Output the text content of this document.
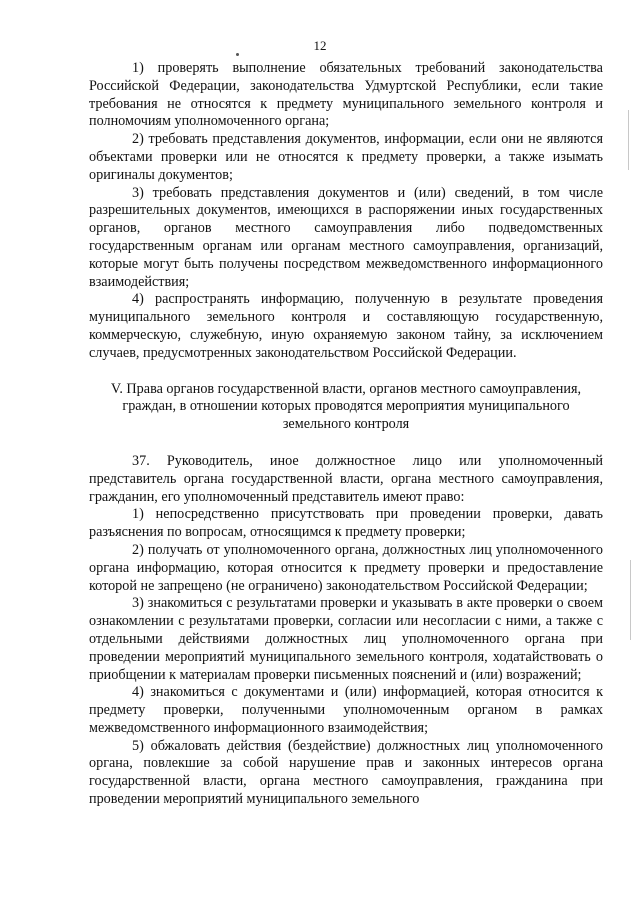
12

1) проверять выполнение обязательных требований законодательства Российской Федерации, законодательства Удмуртской Республики, если такие требования не относятся к предмету муниципального земельного контроля и полномочиям уполномоченного органа;

2) требовать представления документов, информации, если они не являются объектами проверки или не относятся к предмету проверки, а также изымать оригиналы документов;

3) требовать представления документов и (или) сведений, в том числе разрешительных документов, имеющихся в распоряжении иных государственных органов, органов местного самоуправления либо подведомственных государственным органам или органам местного самоуправления, организаций, которые могут быть получены посредством межведомственного информационного взаимодействия;

4) распространять информацию, полученную в результате проведения муниципального земельного контроля и составляющую государственную, коммерческую, служебную, иную охраняемую законом тайну, за исключением случаев, предусмотренных законодательством Российской Федерации.

V. Права органов государственной власти, органов местного самоуправления, граждан, в отношении которых проводятся мероприятия муниципального земельного контроля

37. Руководитель, иное должностное лицо или уполномоченный представитель органа государственной власти, органа местного самоуправления, гражданин, его уполномоченный представитель имеют право:

1) непосредственно присутствовать при проведении проверки, давать разъяснения по вопросам, относящимся к предмету проверки;

2) получать от уполномоченного органа, должностных лиц уполномоченного органа информацию, которая относится к предмету проверки и предоставление которой не запрещено (не ограничено) законодательством Российской Федерации;

3) знакомиться с результатами проверки и указывать в акте проверки о своем ознакомлении с результатами проверки, согласии или несогласии с ними, а также с отдельными действиями должностных лиц уполномоченного органа при проведении мероприятий муниципального земельного контроля, ходатайствовать о приобщении к материалам проверки письменных пояснений и (или) возражений;

4) знакомиться с документами и (или) информацией, которая относится к предмету проверки, полученными уполномоченным органом в рамках межведомственного информационного взаимодействия;

5) обжаловать действия (бездействие) должностных лиц уполномоченного органа, повлекшие за собой нарушение прав и законных интересов органа государственной власти, органа местного самоуправления, гражданина при проведении мероприятий муниципального земельного
